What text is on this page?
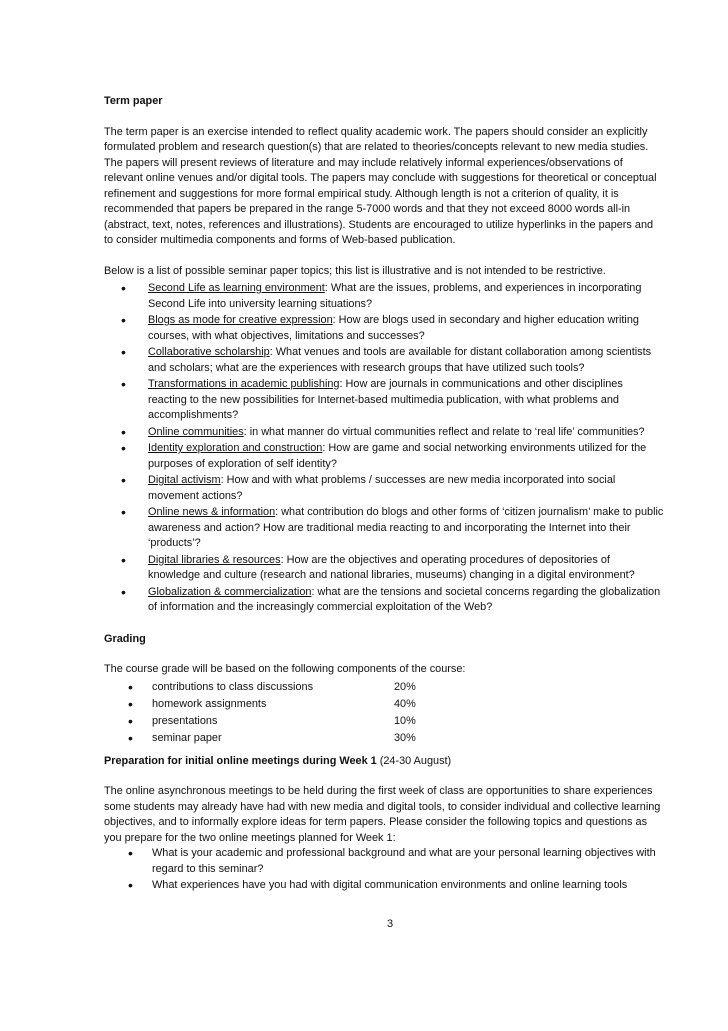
Term paper
The term paper is an exercise intended to reflect quality academic work. The papers should consider an explicitly formulated problem and research question(s) that are related to theories/concepts relevant to new media studies. The papers will present reviews of literature and may include relatively informal experiences/observations of relevant online venues and/or digital tools. The papers may conclude with suggestions for theoretical or conceptual refinement and suggestions for more formal empirical study. Although length is not a criterion of quality, it is recommended that papers be prepared in the range 5-7000 words and that they not exceed 8000 words all-in (abstract, text, notes, references and illustrations). Students are encouraged to utilize hyperlinks in the papers and to consider multimedia components and forms of Web-based publication.
Below is a list of possible seminar paper topics; this list is illustrative and is not intended to be restrictive.
• Second Life as learning environment: What are the issues, problems, and experiences in incorporating Second Life into university learning situations?
• Blogs as mode for creative expression: How are blogs used in secondary and higher education writing courses, with what objectives, limitations and successes?
• Collaborative scholarship: What venues and tools are available for distant collaboration among scientists and scholars; what are the experiences with research groups that have utilized such tools?
• Transformations in academic publishing: How are journals in communications and other disciplines reacting to the new possibilities for Internet-based multimedia publication, with what problems and accomplishments?
• Online communities: in what manner do virtual communities reflect and relate to ‘real life’ communities?
• Identity exploration and construction: How are game and social networking environments utilized for the purposes of exploration of self identity?
• Digital activism: How and with what problems / successes are new media incorporated into social movement actions?
• Online news & information: what contribution do blogs and other forms of ‘citizen journalism’ make to public awareness and action? How are traditional media reacting to and incorporating the Internet into their ‘products’?
• Digital libraries & resources: How are the objectives and operating procedures of depositories of knowledge and culture (research and national libraries, museums) changing in a digital environment?
• Globalization & commercialization: what are the tensions and societal concerns regarding the globalization of information and the increasingly commercial exploitation of the Web?
Grading
The course grade will be based on the following components of the course:
• contributions to class discussions	20%
• homework assignments	40%
• presentations	10%
• seminar paper	30%
Preparation for initial online meetings during Week 1 (24-30 August)
The online asynchronous meetings to be held during the first week of class are opportunities to share experiences some students may already have had with new media and digital tools, to consider individual and collective learning objectives, and to informally explore ideas for term papers. Please consider the following topics and questions as you prepare for the two online meetings planned for Week 1:
• What is your academic and professional background and what are your personal learning objectives with regard to this seminar?
• What experiences have you had with digital communication environments and online learning tools
3
